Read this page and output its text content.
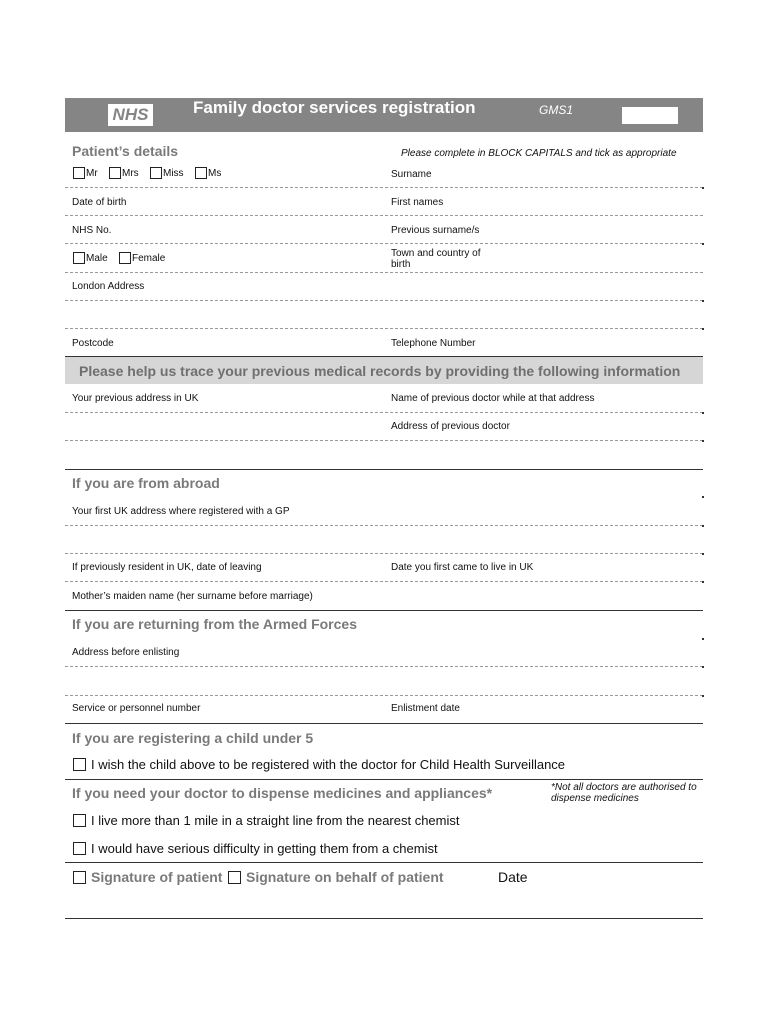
NHS	Family doctor services registration	GMS1
Patient’s details	Please complete in BLOCK CAPITALS and tick as appropriate
Mr Mrs Miss Ms	Surname
Date of birth	First names
NHS No.	Previous surname/s
Male Female	Town and country of birth
London Address
Postcode	Telephone Number
Please help us trace your previous medical records by providing the following information
Your previous address in UK	Name of previous doctor while at that address
Address of previous doctor
If you are from abroad
Your first UK address where registered with a GP
If previously resident in UK, date of leaving	Date you first came to live in UK
Mother’s maiden name (her surname before marriage)
If you are returning from the Armed Forces
Address before enlisting
Service or personnel number	Enlistment date
If you are registering a child under 5
I wish the child above to be registered with the doctor for Child Health Surveillance
If you need your doctor to dispense medicines and appliances*	*Not all doctors are authorised to dispense medicines
I live more than 1 mile in a straight line from the nearest chemist
I would have serious difficulty in getting them from a chemist
Signature of patient Signature on behalf of patient	Date
